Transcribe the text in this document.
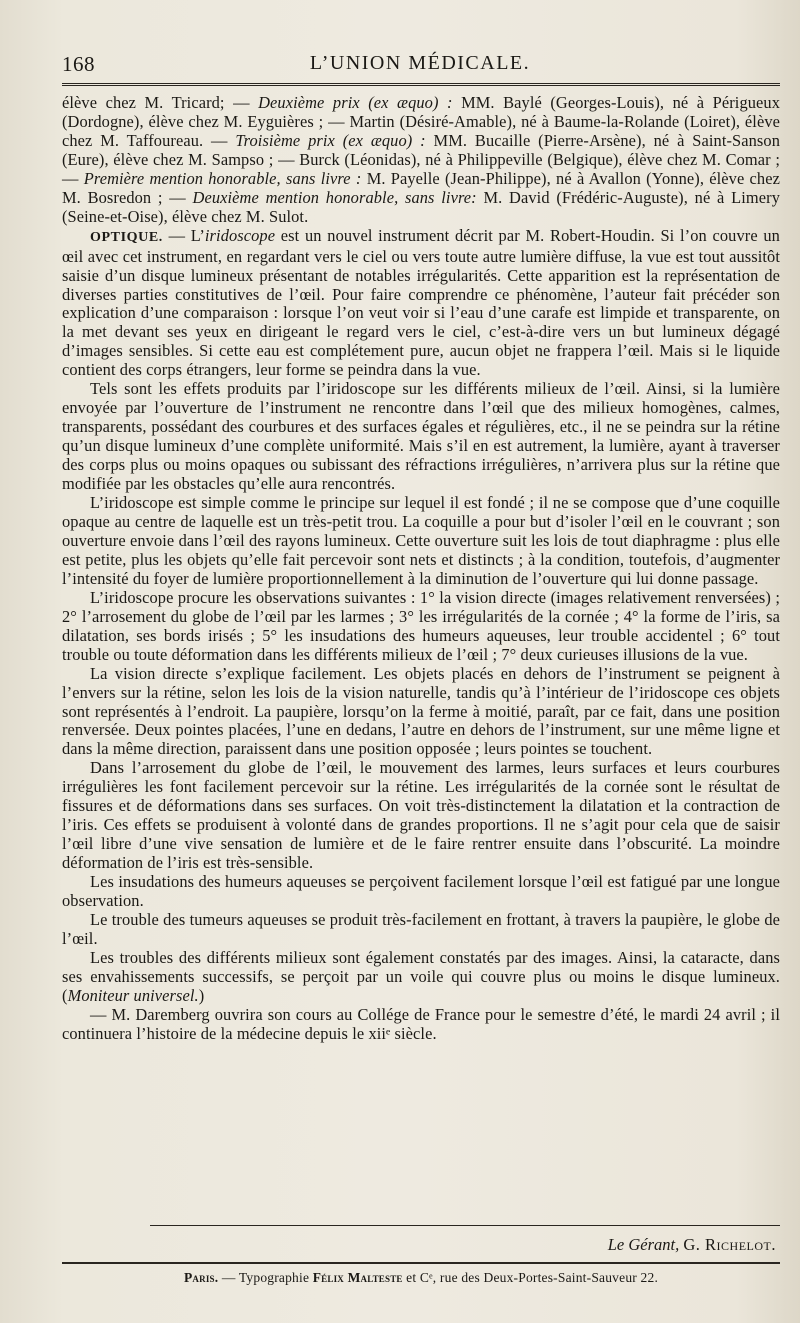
168	L’UNION MÉDICALE.

élève chez M. Tricard; — Deuxième prix (ex æquo) : MM. Baylé (Georges-Louis), né à Périgueux (Dordogne), élève chez M. Eyguières ; — Martin (Désiré-Amable), né à Baume-la-Rolande (Loiret), élève chez M. Taffoureau. — Troisième prix (ex æquo) : MM. Bucaille (Pierre-Arsène), né à Saint-Sanson (Eure), élève chez M. Sampso ; — Burck (Léonidas), né à Philippeville (Belgique), élève chez M. Comar ; — Première mention honorable, sans livre : M. Payelle (Jean-Philippe), né à Avallon (Yonne), élève chez M. Bosredon ; — Deuxième mention honorable, sans livre: M. David (Frédéric-Auguste), né à Limery (Seine-et-Oise), élève chez M. Sulot.

OPTIQUE. — L’iridoscope est un nouvel instrument décrit par M. Robert-Houdin. Si l’on couvre un œil avec cet instrument, en regardant vers le ciel ou vers toute autre lumière diffuse, la vue est tout aussitôt saisie d’un disque lumineux présentant de notables irrégularités. Cette apparition est la représentation de diverses parties constitutives de l’œil. Pour faire comprendre ce phénomène, l’auteur fait précéder son explication d’une comparaison : lorsque l’on veut voir si l’eau d’une carafe est limpide et transparente, on la met devant ses yeux en dirigeant le regard vers le ciel, c’est-à-dire vers un but lumineux dégagé d’images sensibles. Si cette eau est complétement pure, aucun objet ne frappera l’œil. Mais si le liquide contient des corps étrangers, leur forme se peindra dans la vue.

Tels sont les effets produits par l’iridoscope sur les différents milieux de l’œil. Ainsi, si la lumière envoyée par l’ouverture de l’instrument ne rencontre dans l’œil que des milieux homogènes, calmes, transparents, possédant des courbures et des surfaces égales et régulières, etc., il ne se peindra sur la rétine qu’un disque lumineux d’une complète uniformité. Mais s’il en est autrement, la lumière, ayant à traverser des corps plus ou moins opaques ou subissant des réfractions irrégulières, n’arrivera plus sur la rétine que modifiée par les obstacles qu’elle aura rencontrés.

L’iridoscope est simple comme le principe sur lequel il est fondé ; il ne se compose que d’une coquille opaque au centre de laquelle est un très-petit trou. La coquille a pour but d’isoler l’œil en le couvrant ; son ouverture envoie dans l’œil des rayons lumineux. Cette ouverture suit les lois de tout diaphragme : plus elle est petite, plus les objets qu’elle fait percevoir sont nets et distincts ; à la condition, toutefois, d’augmenter l’intensité du foyer de lumière proportionnellement à la diminution de l’ouverture qui lui donne passage.

L’iridoscope procure les observations suivantes : 1° la vision directe (images relativement renversées) ; 2° l’arrosement du globe de l’œil par les larmes ; 3° les irrégularités de la cornée ; 4° la forme de l’iris, sa dilatation, ses bords irisés ; 5° les insudations des humeurs aqueuses, leur trouble accidentel ; 6° tout trouble ou toute déformation dans les différents milieux de l’œil ; 7° deux curieuses illusions de la vue.

La vision directe s’explique facilement. Les objets placés en dehors de l’instrument se peignent à l’envers sur la rétine, selon les lois de la vision naturelle, tandis qu’à l’intérieur de l’iridoscope ces objets sont représentés à l’endroit. La paupière, lorsqu’on la ferme à moitié, paraît, par ce fait, dans une position renversée. Deux pointes placées, l’une en dedans, l’autre en dehors de l’instrument, sur une même ligne et dans la même direction, paraissent dans une position opposée ; leurs pointes se touchent.

Dans l’arrosement du globe de l’œil, le mouvement des larmes, leurs surfaces et leurs courbures irrégulières les font facilement percevoir sur la rétine. Les irrégularités de la cornée sont le résultat de fissures et de déformations dans ses surfaces. On voit très-distinctement la dilatation et la contraction de l’iris. Ces effets se produisent à volonté dans de grandes proportions. Il ne s’agit pour cela que de saisir l’œil libre d’une vive sensation de lumière et de le faire rentrer ensuite dans l’obscurité. La moindre déformation de l’iris est très-sensible.

Les insudations des humeurs aqueuses se perçoivent facilement lorsque l’œil est fatigué par une longue observation.

Le trouble des tumeurs aqueuses se produit très-facilement en frottant, à travers la paupière, le globe de l’œil.

Les troubles des différents milieux sont également constatés par des images. Ainsi, la cataracte, dans ses envahissements successifs, se perçoit par un voile qui couvre plus ou moins le disque lumineux. (Moniteur universel.)

— M. Daremberg ouvrira son cours au Collége de France pour le semestre d’été, le mardi 24 avril ; il continuera l’histoire de la médecine depuis le xiiᵉ siècle.

Le Gérant, G. Richelot.
Paris. — Typographie Félix Malteste et Cᵉ, rue des Deux-Portes-Saint-Sauveur 22.
